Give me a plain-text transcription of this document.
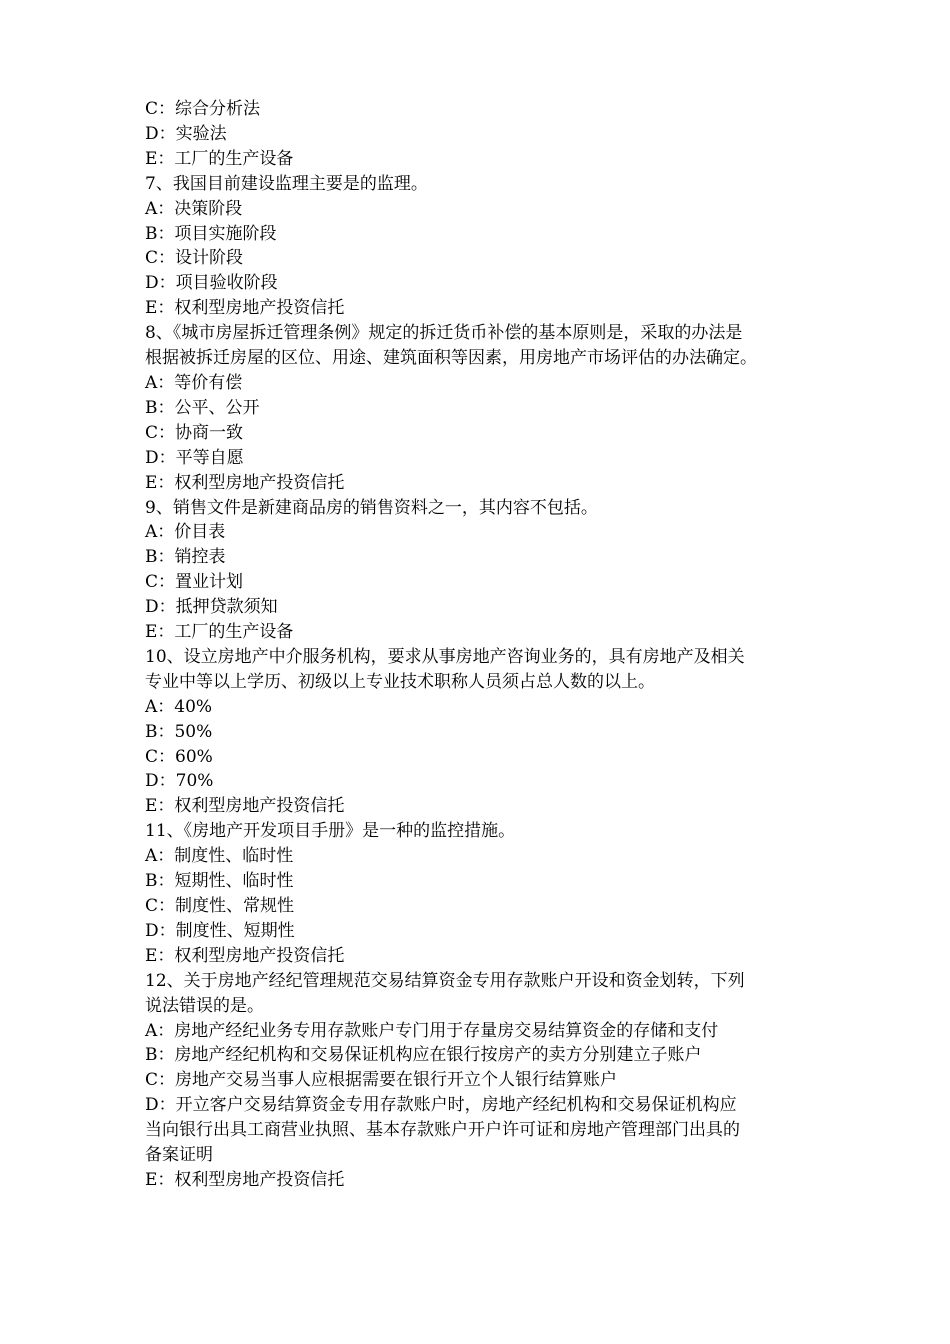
C：综合分析法

D：实验法

E：工厂的生产设备

7、我国目前建设监理主要是的监理。

A：决策阶段

B：项目实施阶段

C：设计阶段

D：项目验收阶段

E：权利型房地产投资信托

8、《城市房屋拆迁管理条例》规定的拆迁货币补偿的基本原则是，采取的办法是

根据被拆迁房屋的区位、用途、建筑面积等因素，用房地产市场评估的办法确定。

A：等价有偿

B：公平、公开

C：协商一致

D：平等自愿

E：权利型房地产投资信托

9、销售文件是新建商品房的销售资料之一，其内容不包括。

A：价目表

B：销控表

C：置业计划

D：抵押贷款须知

E：工厂的生产设备

10、设立房地产中介服务机构，要求从事房地产咨询业务的，具有房地产及相关

专业中等以上学历、初级以上专业技术职称人员须占总人数的以上。

A：40%

B：50%

C：60%

D：70%

E：权利型房地产投资信托

11、《房地产开发项目手册》是一种的监控措施。

A：制度性、临时性

B：短期性、临时性

C：制度性、常规性

D：制度性、短期性

E：权利型房地产投资信托

12、关于房地产经纪管理规范交易结算资金专用存款账户开设和资金划转，下列

说法错误的是。

A：房地产经纪业务专用存款账户专门用于存量房交易结算资金的存储和支付

B：房地产经纪机构和交易保证机构应在银行按房产的卖方分别建立子账户

C：房地产交易当事人应根据需要在银行开立个人银行结算账户

D：开立客户交易结算资金专用存款账户时，房地产经纪机构和交易保证机构应

当向银行出具工商营业执照、基本存款账户开户许可证和房地产管理部门出具的

备案证明

E：权利型房地产投资信托
